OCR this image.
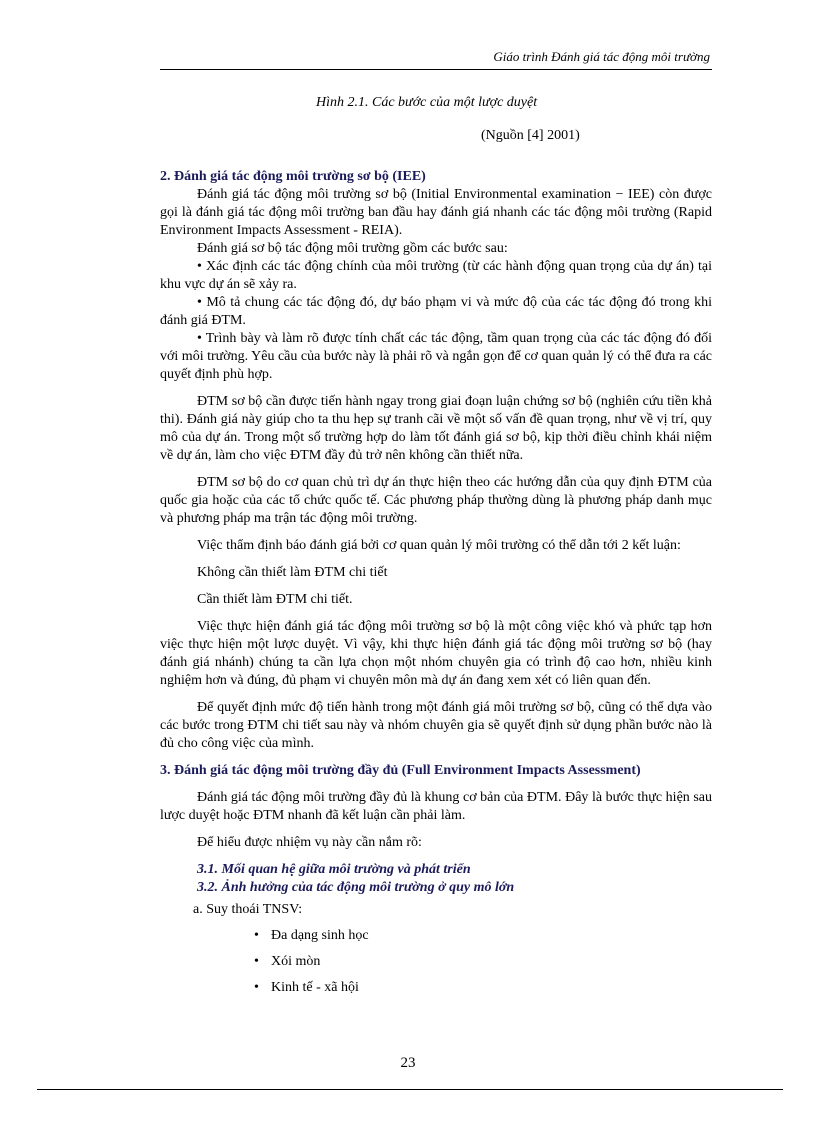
Giáo trình Đánh giá tác động môi trường
Hình 2.1. Các bước của một lược duyệt
(Nguồn [4] 2001)

2. Đánh giá tác động môi trường sơ bộ (IEE)

Đánh giá tác động môi trường sơ bộ (Initial Environmental examination − IEE) còn được gọi là đánh giá tác động môi trường ban đầu hay đánh giá nhanh các tác động môi trường (Rapid Environment Impacts Assessment - REIA).

Đánh giá sơ bộ tác động môi trường gồm các bước sau:

• Xác định các tác động chính của môi trường (từ các hành động quan trọng của dự án) tại khu vực dự án sẽ xảy ra.

• Mô tả chung các tác động đó, dự báo phạm vi và mức độ của các tác động đó trong khi đánh giá ĐTM.

• Trình bày và làm rõ được tính chất các tác động, tầm quan trọng của các tác động đó đối với môi trường. Yêu cầu của bước này là phải rõ và ngắn gọn để cơ quan quản lý có thể đưa ra các quyết định phù hợp.

ĐTM sơ bộ cần được tiến hành ngay trong giai đoạn luận chứng sơ bộ (nghiên cứu tiền khả thi). Đánh giá này giúp cho ta thu hẹp sự tranh cãi về một số vấn đề quan trọng, như về vị trí, quy mô của dự án. Trong một số trường hợp do làm tốt đánh giá sơ bộ, kịp thời điều chỉnh khái niệm về dự án, làm cho việc ĐTM đầy đủ trở nên không cần thiết nữa.

ĐTM sơ bộ do cơ quan chủ trì dự án thực hiện theo các hướng dẫn của quy định ĐTM của quốc gia hoặc của các tổ chức quốc tế. Các phương pháp thường dùng là phương pháp danh mục và phương pháp ma trận tác động môi trường.

Việc thẩm định báo đánh giá bởi cơ quan quản lý môi trường có thể dẫn tới 2 kết luận:

Không cần thiết làm ĐTM chi tiết

Cần thiết làm ĐTM chi tiết.

Việc thực hiện đánh giá tác động môi trường sơ bộ là một công việc khó và phức tạp hơn việc thực hiện một lược duyệt. Vì vậy, khi thực hiện đánh giá tác động môi trường sơ bộ (hay đánh giá nhánh) chúng ta cần lựa chọn một nhóm chuyên gia có trình độ cao hơn, nhiều kinh nghiệm hơn và đúng, đủ phạm vi chuyên môn mà dự án đang xem xét có liên quan đến.

Để quyết định mức độ tiến hành trong một đánh giá môi trường sơ bộ, cũng có thể dựa vào các bước trong ĐTM chi tiết sau này và nhóm chuyên gia sẽ quyết định sử dụng phần bước nào là đủ cho công việc của mình.

3. Đánh giá tác động môi trường đầy đủ (Full Environment Impacts Assessment)

Đánh giá tác động môi trường đầy đủ là khung cơ bản của ĐTM. Đây là bước thực hiện sau lược duyệt hoặc ĐTM nhanh đã kết luận cần phải làm.

Để hiểu được nhiệm vụ này cần nắm rõ:

3.1. Mối quan hệ giữa môi trường và phát triển

3.2. Ảnh hưởng của tác động môi trường ở quy mô lớn

a. Suy thoái TNSV:

• Đa dạng sinh học
• Xói mòn
• Kinh tế - xã hội
23
